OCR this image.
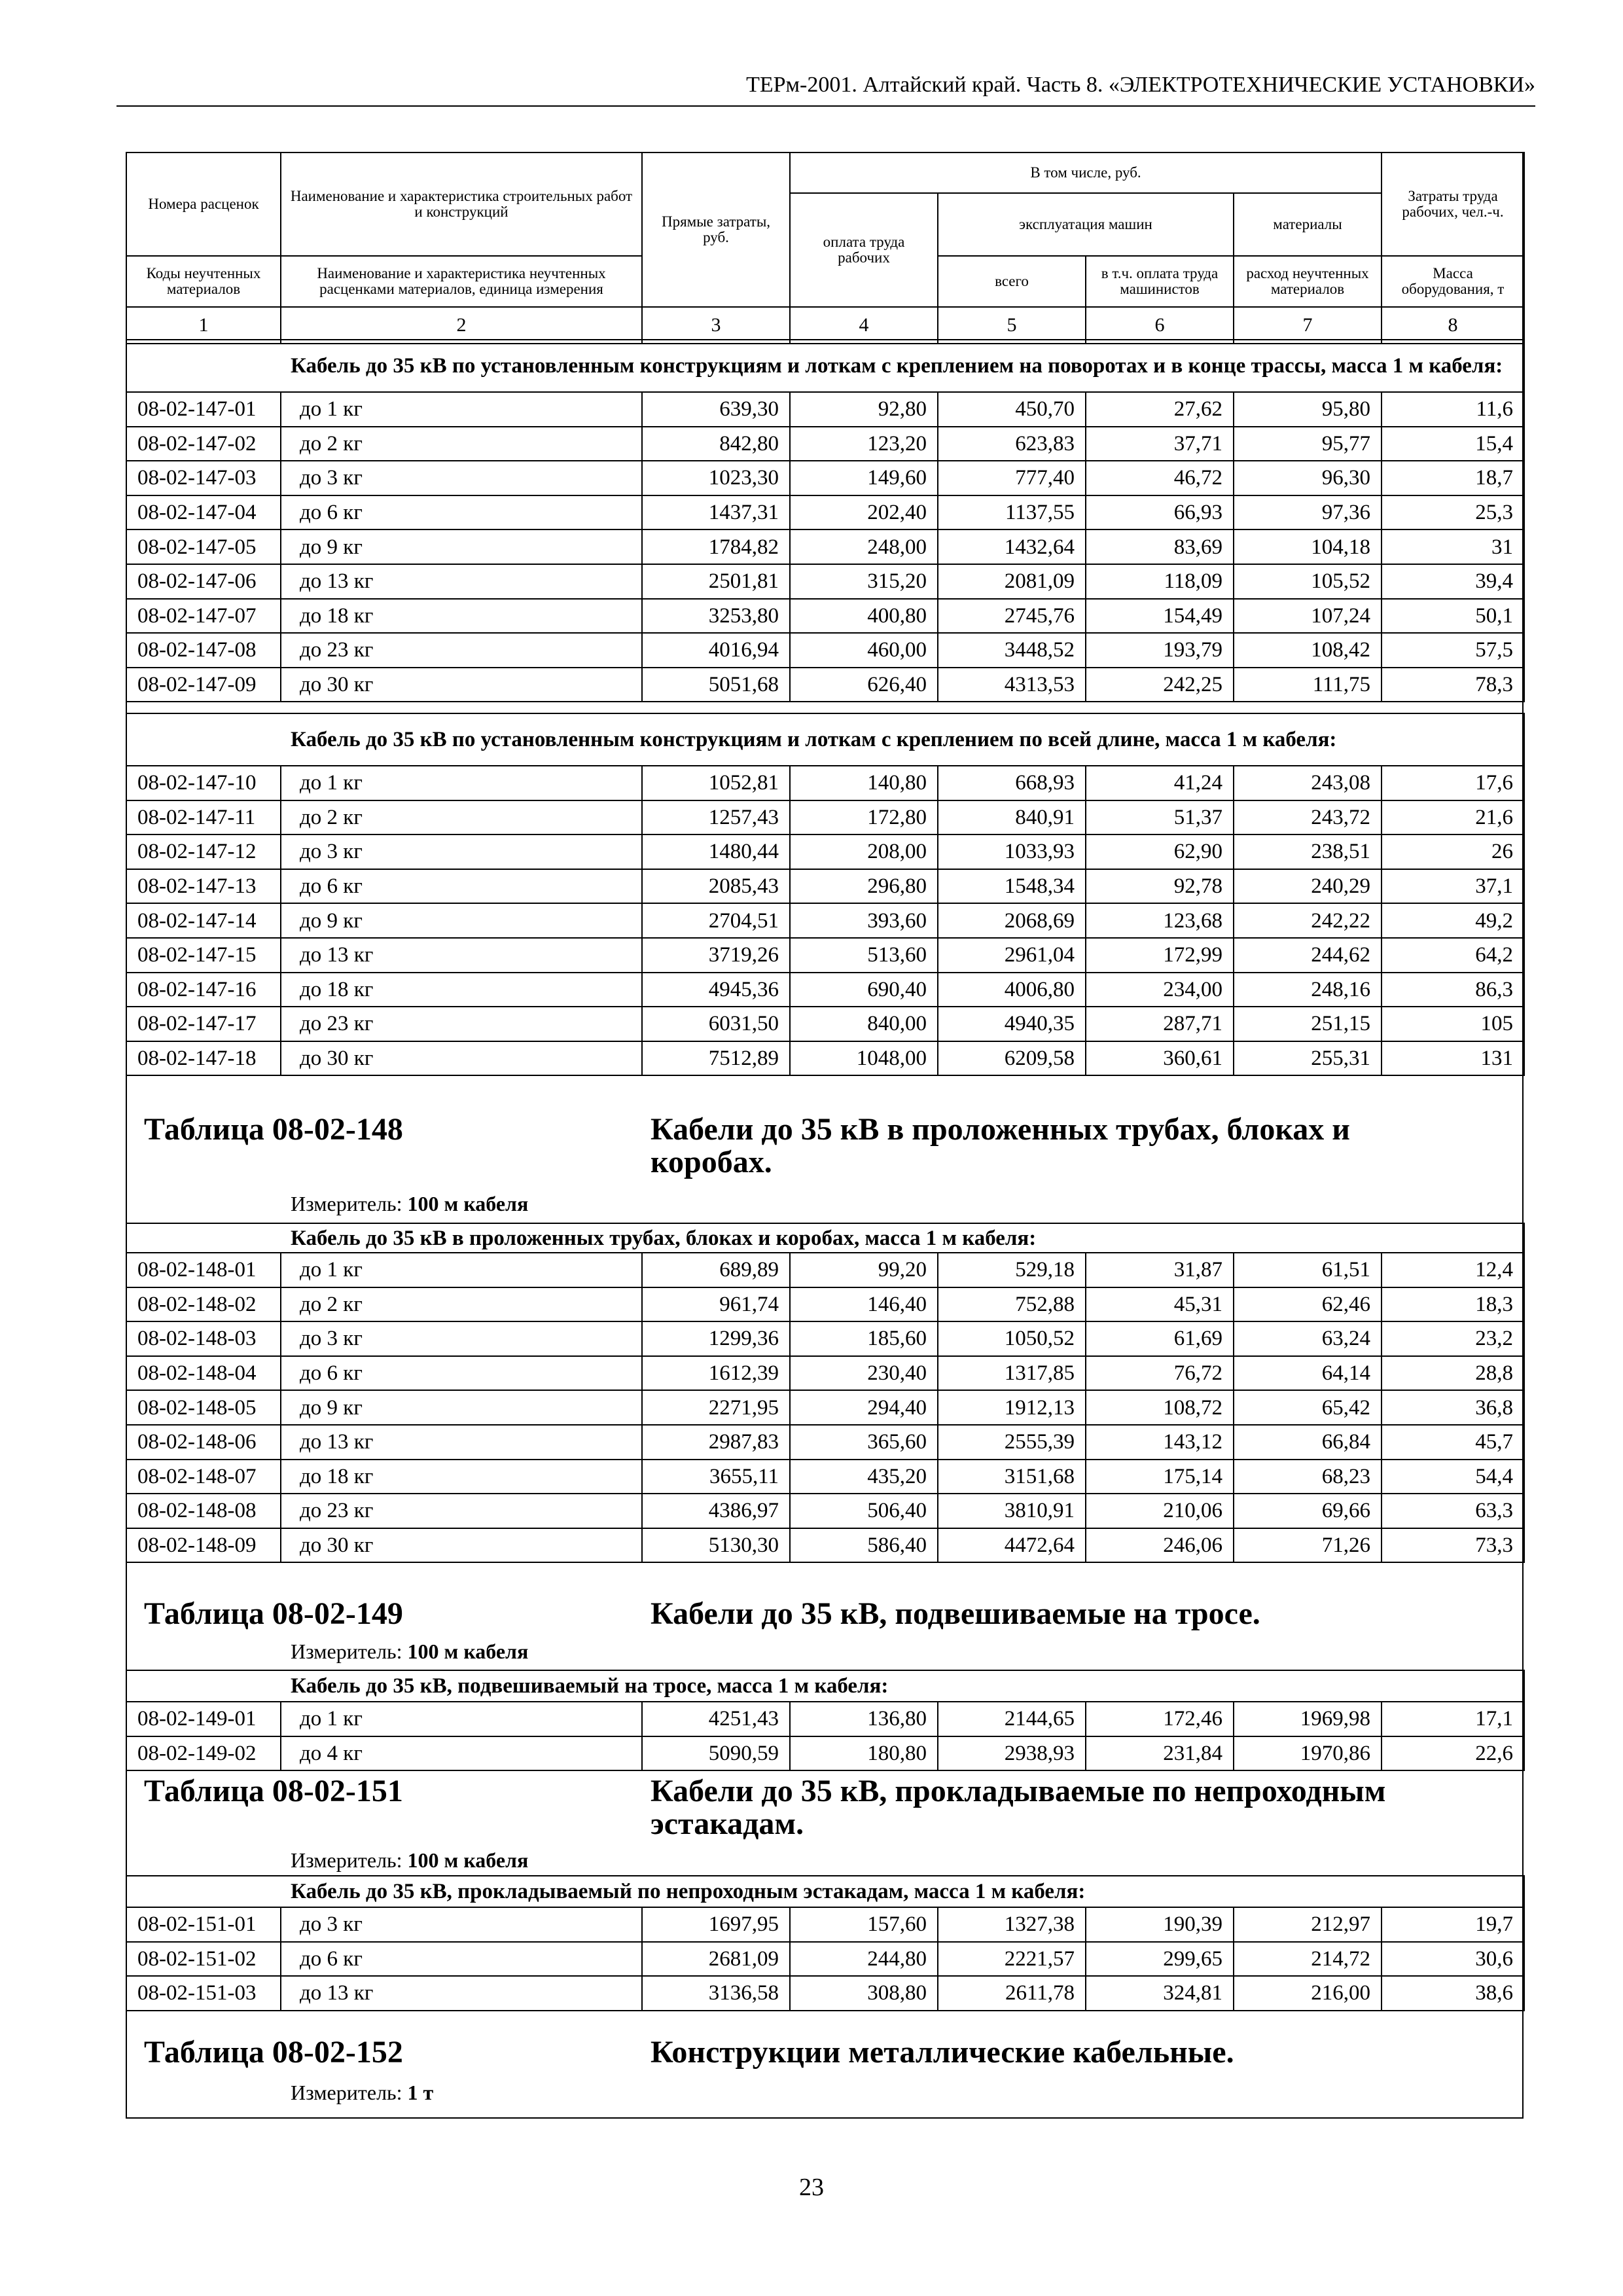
ТЕРм-2001. Алтайский край. Часть 8. «ЭЛЕКТРОТЕХНИЧЕСКИЕ УСТАНОВКИ»
Номера расценок	Наименование и характеристика строительных работ и конструкций	Прямые затраты, руб.	В том числе, руб.				Затраты труда рабочих, чел.-ч.
			оплата труда рабочих	эксплуатация машин		материалы	
Коды неучтенных материалов	Наименование и характеристика неучтенных расценками материалов, единица измерения			всего	в т.ч. оплата труда машинистов	расход неучтенных материалов	Масса оборудования, т
1	2	3	4	5	6	7	8
Кабель до 35 кВ по установленным конструкциям и лоткам с креплением на поворотах и в конце трассы, масса 1 м кабеля:							
08-02-147-01	до 1 кг	639,30	92,80	450,70	27,62	95,80	11,6
08-02-147-02	до 2 кг	842,80	123,20	623,83	37,71	95,77	15,4
08-02-147-03	до 3 кг	1023,30	149,60	777,40	46,72	96,30	18,7
08-02-147-04	до 6 кг	1437,31	202,40	1137,55	66,93	97,36	25,3
08-02-147-05	до 9 кг	1784,82	248,00	1432,64	83,69	104,18	31
08-02-147-06	до 13 кг	2501,81	315,20	2081,09	118,09	105,52	39,4
08-02-147-07	до 18 кг	3253,80	400,80	2745,76	154,49	107,24	50,1
08-02-147-08	до 23 кг	4016,94	460,00	3448,52	193,79	108,42	57,5
08-02-147-09	до 30 кг	5051,68	626,40	4313,53	242,25	111,75	78,3
Кабель до 35 кВ по установленным конструкциям и лоткам с креплением по всей длине, масса 1 м кабеля:							
08-02-147-10	до 1 кг	1052,81	140,80	668,93	41,24	243,08	17,6
08-02-147-11	до 2 кг	1257,43	172,80	840,91	51,37	243,72	21,6
08-02-147-12	до 3 кг	1480,44	208,00	1033,93	62,90	238,51	26
08-02-147-13	до 6 кг	2085,43	296,80	1548,34	92,78	240,29	37,1
08-02-147-14	до 9 кг	2704,51	393,60	2068,69	123,68	242,22	49,2
08-02-147-15	до 13 кг	3719,26	513,60	2961,04	172,99	244,62	64,2
08-02-147-16	до 18 кг	4945,36	690,40	4006,80	234,00	248,16	86,3
08-02-147-17	до 23 кг	6031,50	840,00	4940,35	287,71	251,15	105
08-02-147-18	до 30 кг	7512,89	1048,00	6209,58	360,61	255,31	131
Таблица 08-02-148	Кабели до 35 кВ в проложенных трубах, блоках и коробах.
Измеритель: 100 м кабеля
Кабель до 35 кВ в проложенных трубах, блоках и коробах, масса 1 м кабеля:							
08-02-148-01	до 1 кг	689,89	99,20	529,18	31,87	61,51	12,4
08-02-148-02	до 2 кг	961,74	146,40	752,88	45,31	62,46	18,3
08-02-148-03	до 3 кг	1299,36	185,60	1050,52	61,69	63,24	23,2
08-02-148-04	до 6 кг	1612,39	230,40	1317,85	76,72	64,14	28,8
08-02-148-05	до 9 кг	2271,95	294,40	1912,13	108,72	65,42	36,8
08-02-148-06	до 13 кг	2987,83	365,60	2555,39	143,12	66,84	45,7
08-02-148-07	до 18 кг	3655,11	435,20	3151,68	175,14	68,23	54,4
08-02-148-08	до 23 кг	4386,97	506,40	3810,91	210,06	69,66	63,3
08-02-148-09	до 30 кг	5130,30	586,40	4472,64	246,06	71,26	73,3
Таблица 08-02-149	Кабели до 35 кВ, подвешиваемые на тросе.
Измеритель: 100 м кабеля
Кабель до 35 кВ, подвешиваемый на тросе, масса 1 м кабеля:							
08-02-149-01	до 1 кг	4251,43	136,80	2144,65	172,46	1969,98	17,1
08-02-149-02	до 4 кг	5090,59	180,80	2938,93	231,84	1970,86	22,6
Таблица 08-02-151	Кабели до 35 кВ, прокладываемые по непроходным эстакадам.
Измеритель: 100 м кабеля
Кабель до 35 кВ, прокладываемый по непроходным эстакадам, масса 1 м кабеля:							
08-02-151-01	до 3 кг	1697,95	157,60	1327,38	190,39	212,97	19,7
08-02-151-02	до 6 кг	2681,09	244,80	2221,57	299,65	214,72	30,6
08-02-151-03	до 13 кг	3136,58	308,80	2611,78	324,81	216,00	38,6
Таблица 08-02-152	Конструкции металлические кабельные.
Измеритель: 1 т
23
